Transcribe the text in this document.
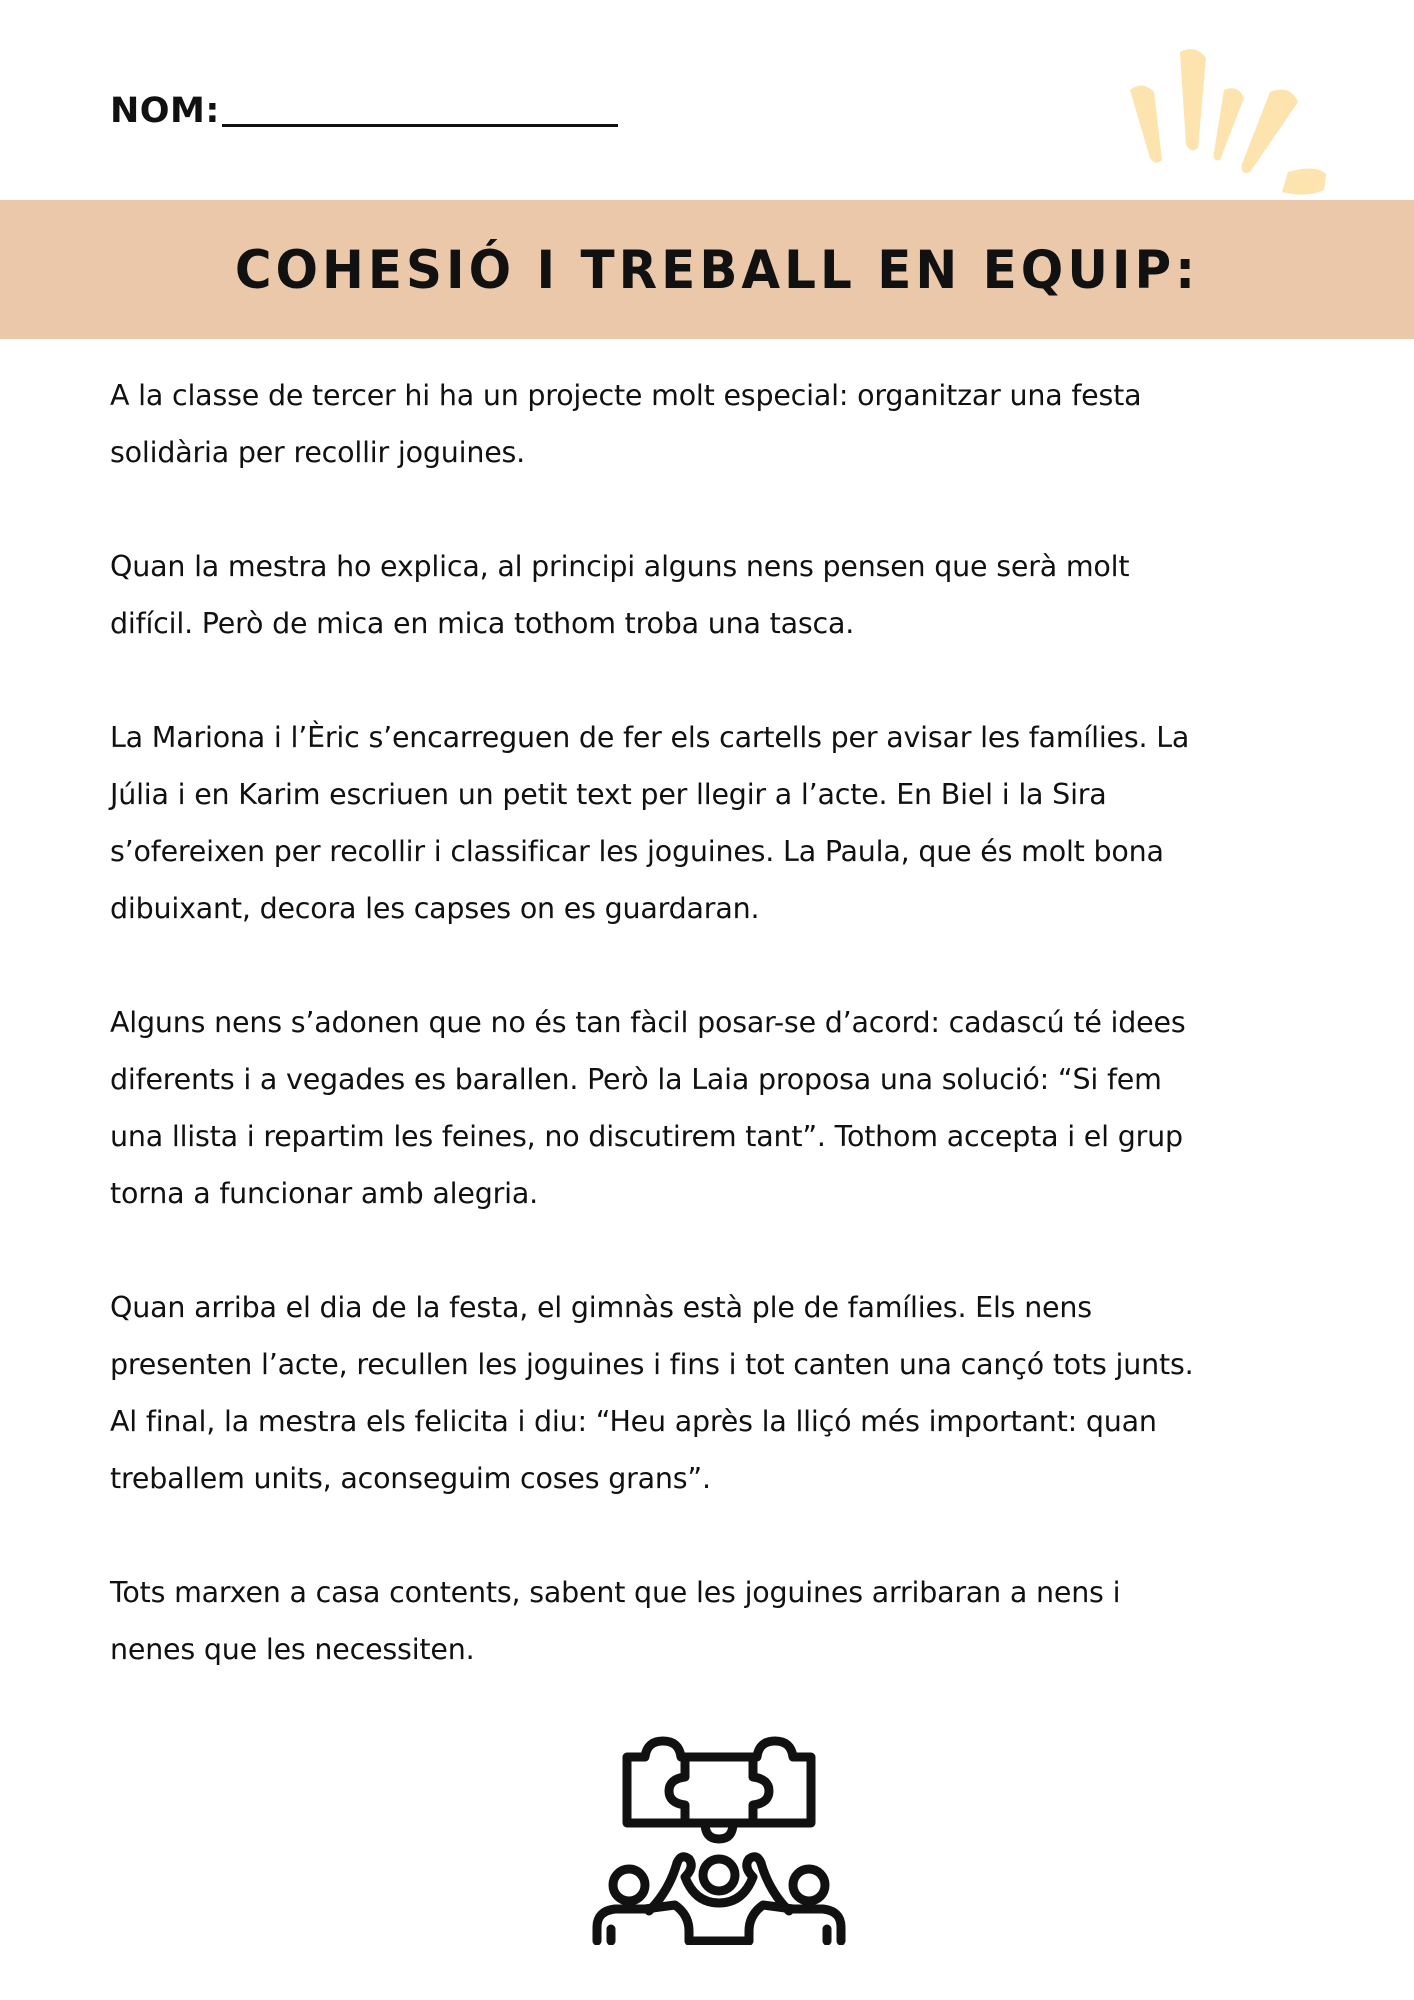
NOM:
COHESIÓ I TREBALL EN EQUIP:

A la classe de tercer hi ha un projecte molt especial: organitzar una festa
solidària per recollir joguines.

Quan la mestra ho explica, al principi alguns nens pensen que serà molt
difícil. Però de mica en mica tothom troba una tasca.

La Mariona i l’Èric s’encarreguen de fer els cartells per avisar les famílies. La
Júlia i en Karim escriuen un petit text per llegir a l’acte. En Biel i la Sira
s’ofereixen per recollir i classificar les joguines. La Paula, que és molt bona
dibuixant, decora les capses on es guardaran.

Alguns nens s’adonen que no és tan fàcil posar-se d’acord: cadascú té idees
diferents i a vegades es barallen. Però la Laia proposa una solució: “Si fem
una llista i repartim les feines, no discutirem tant”. Tothom accepta i el grup
torna a funcionar amb alegria.

Quan arriba el dia de la festa, el gimnàs està ple de famílies. Els nens
presenten l’acte, recullen les joguines i fins i tot canten una cançó tots junts.
Al final, la mestra els felicita i diu: “Heu après la lliçó més important: quan
treballem units, aconseguim coses grans”.

Tots marxen a casa contents, sabent que les joguines arribaran a nens i
nenes que les necessiten.
